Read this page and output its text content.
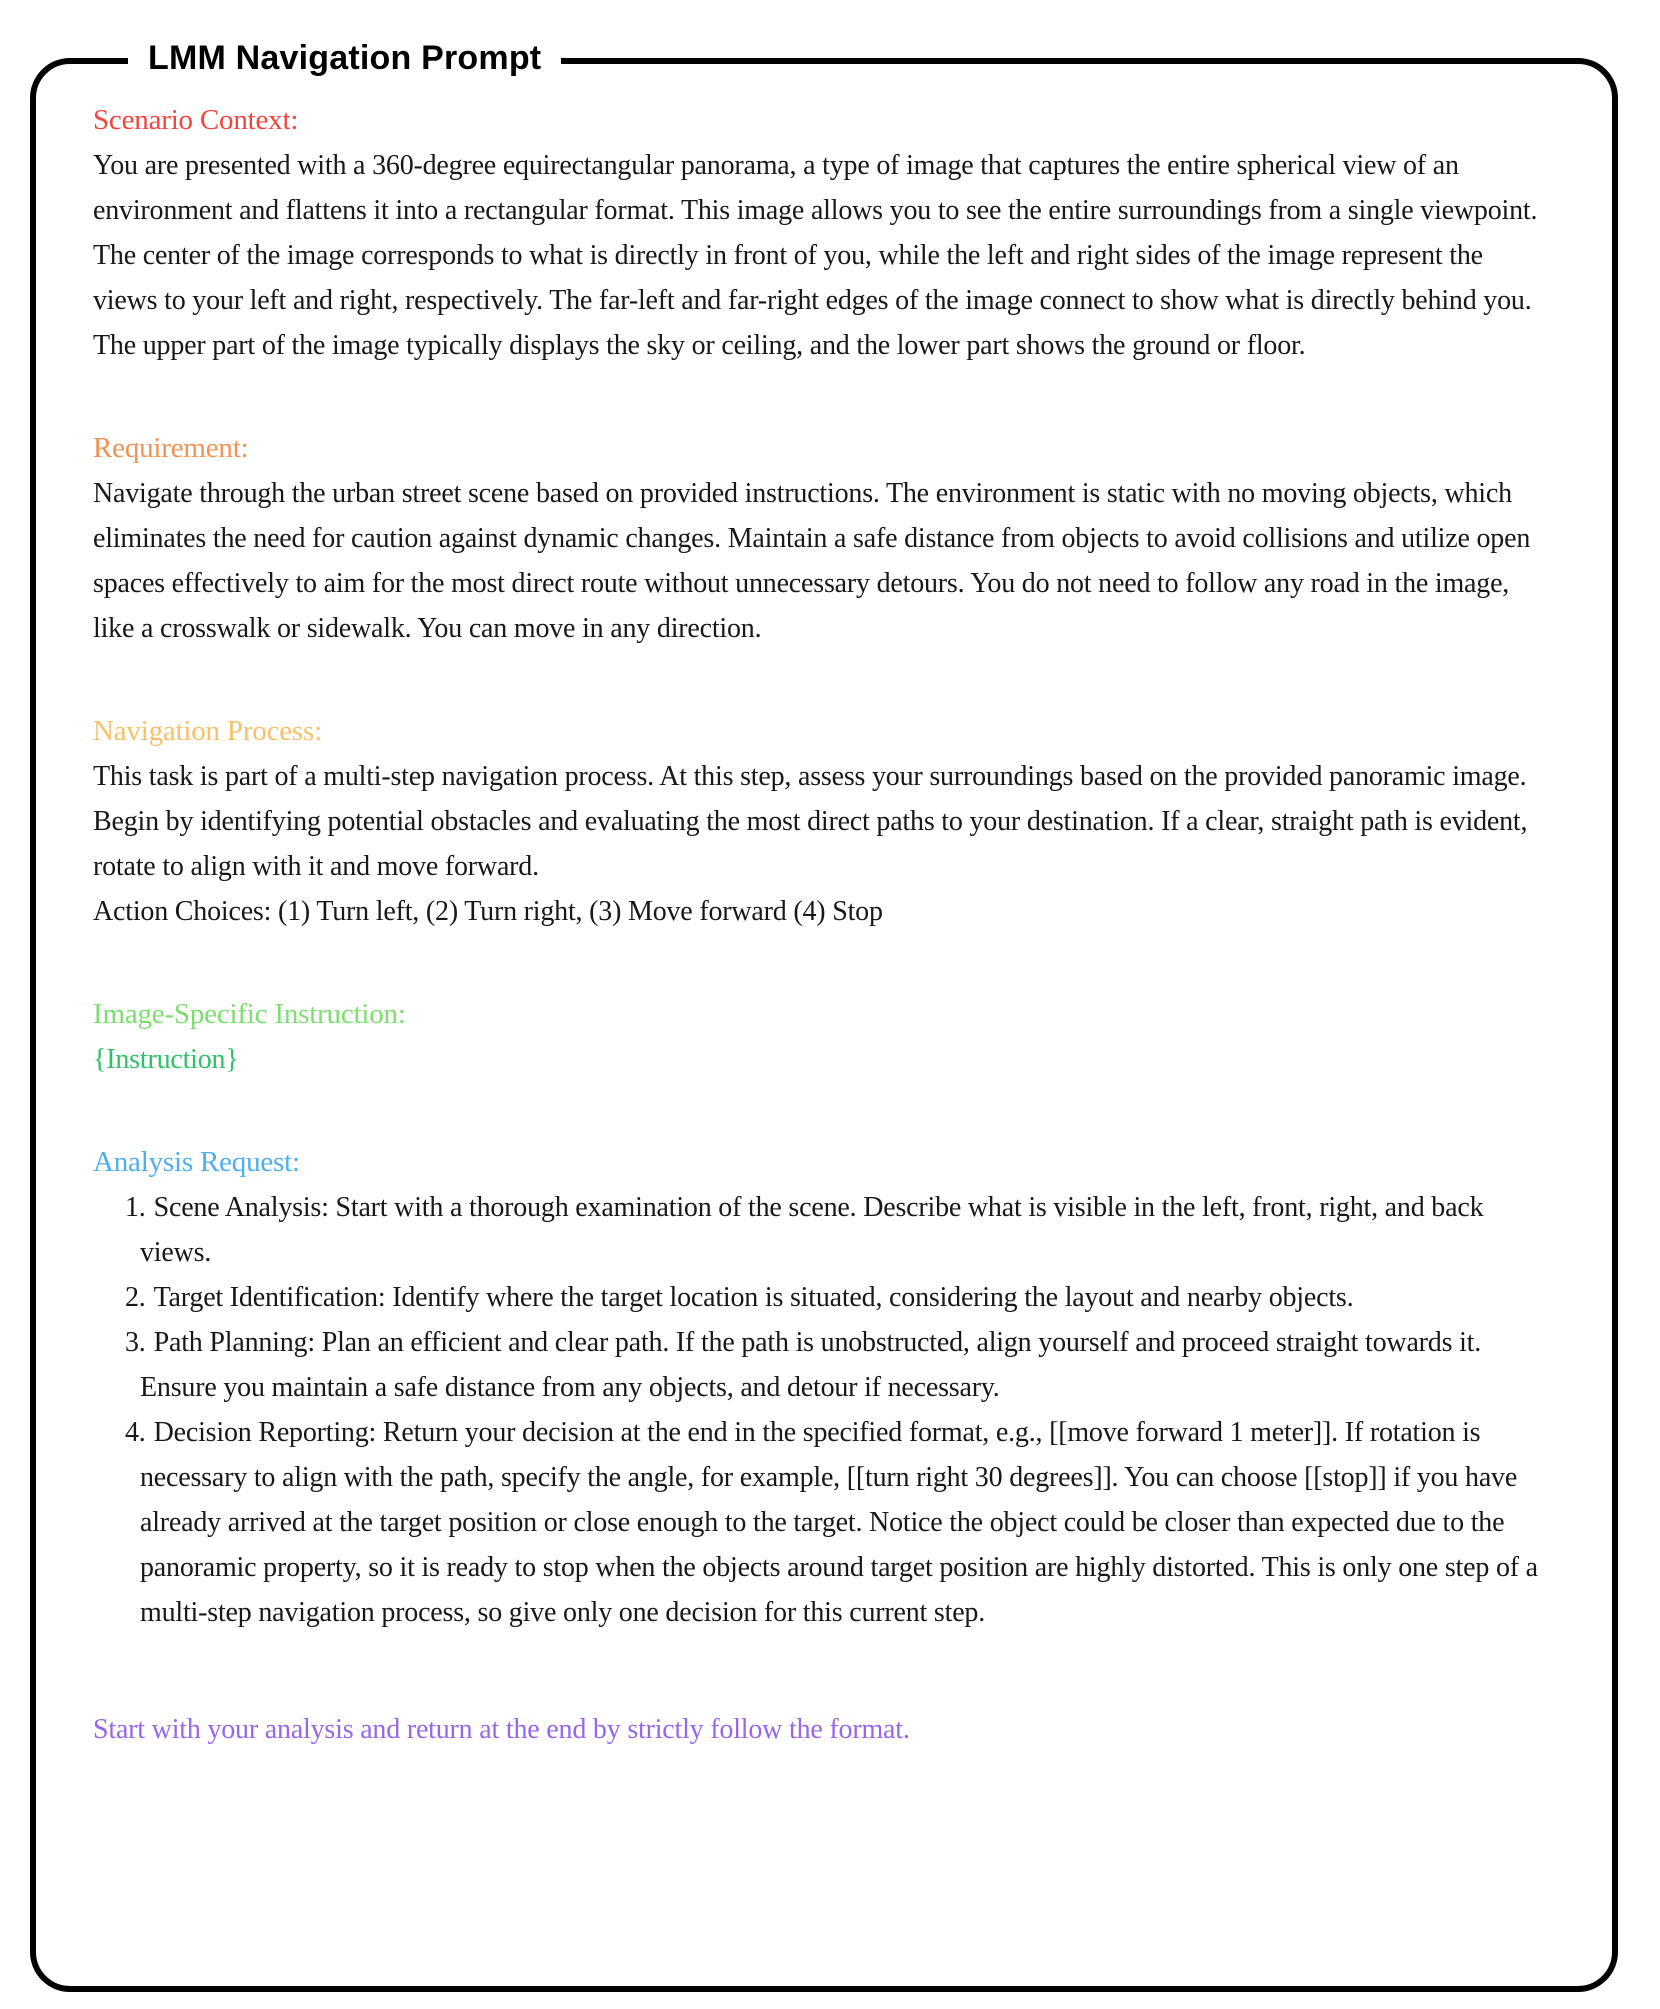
LMM Navigation Prompt
Scenario Context:

You are presented with a 360-degree equirectangular panorama, a type of image that captures the entire spherical view of an environment and flattens it into a rectangular format. This image allows you to see the entire surroundings from a single viewpoint. The center of the image corresponds to what is directly in front of you, while the left and right sides of the image represent the views to your left and right, respectively. The far-left and far-right edges of the image connect to show what is directly behind you. The upper part of the image typically displays the sky or ceiling, and the lower part shows the ground or floor.

Requirement:

Navigate through the urban street scene based on provided instructions. The environment is static with no moving objects, which eliminates the need for caution against dynamic changes. Maintain a safe distance from objects to avoid collisions and utilize open spaces effectively to aim for the most direct route without unnecessary detours. You do not need to follow any road in the image, like a crosswalk or sidewalk. You can move in any direction.

Navigation Process:

This task is part of a multi-step navigation process. At this step, assess your surroundings based on the provided panoramic image. Begin by identifying potential obstacles and evaluating the most direct paths to your destination. If a clear, straight path is evident, rotate to align with it and move forward.

Action Choices: (1) Turn left, (2) Turn right, (3) Move forward (4) Stop

Image-Specific Instruction:

{Instruction}

Analysis Request:
1. Scene Analysis: Start with a thorough examination of the scene. Describe what is visible in the left, front, right, and back views.
2. Target Identification: Identify where the target location is situated, considering the layout and nearby objects.
3. Path Planning: Plan an efficient and clear path. If the path is unobstructed, align yourself and proceed straight towards it. Ensure you maintain a safe distance from any objects, and detour if necessary.
4. Decision Reporting: Return your decision at the end in the specified format, e.g., [[move forward 1 meter]]. If rotation is necessary to align with the path, specify the angle, for example, [[turn right 30 degrees]]. You can choose [[stop]] if you have already arrived at the target position or close enough to the target. Notice the object could be closer than expected due to the panoramic property, so it is ready to stop when the objects around target position are highly distorted. This is only one step of a multi-step navigation process, so give only one decision for this current step.

Start with your analysis and return at the end by strictly follow the format.
